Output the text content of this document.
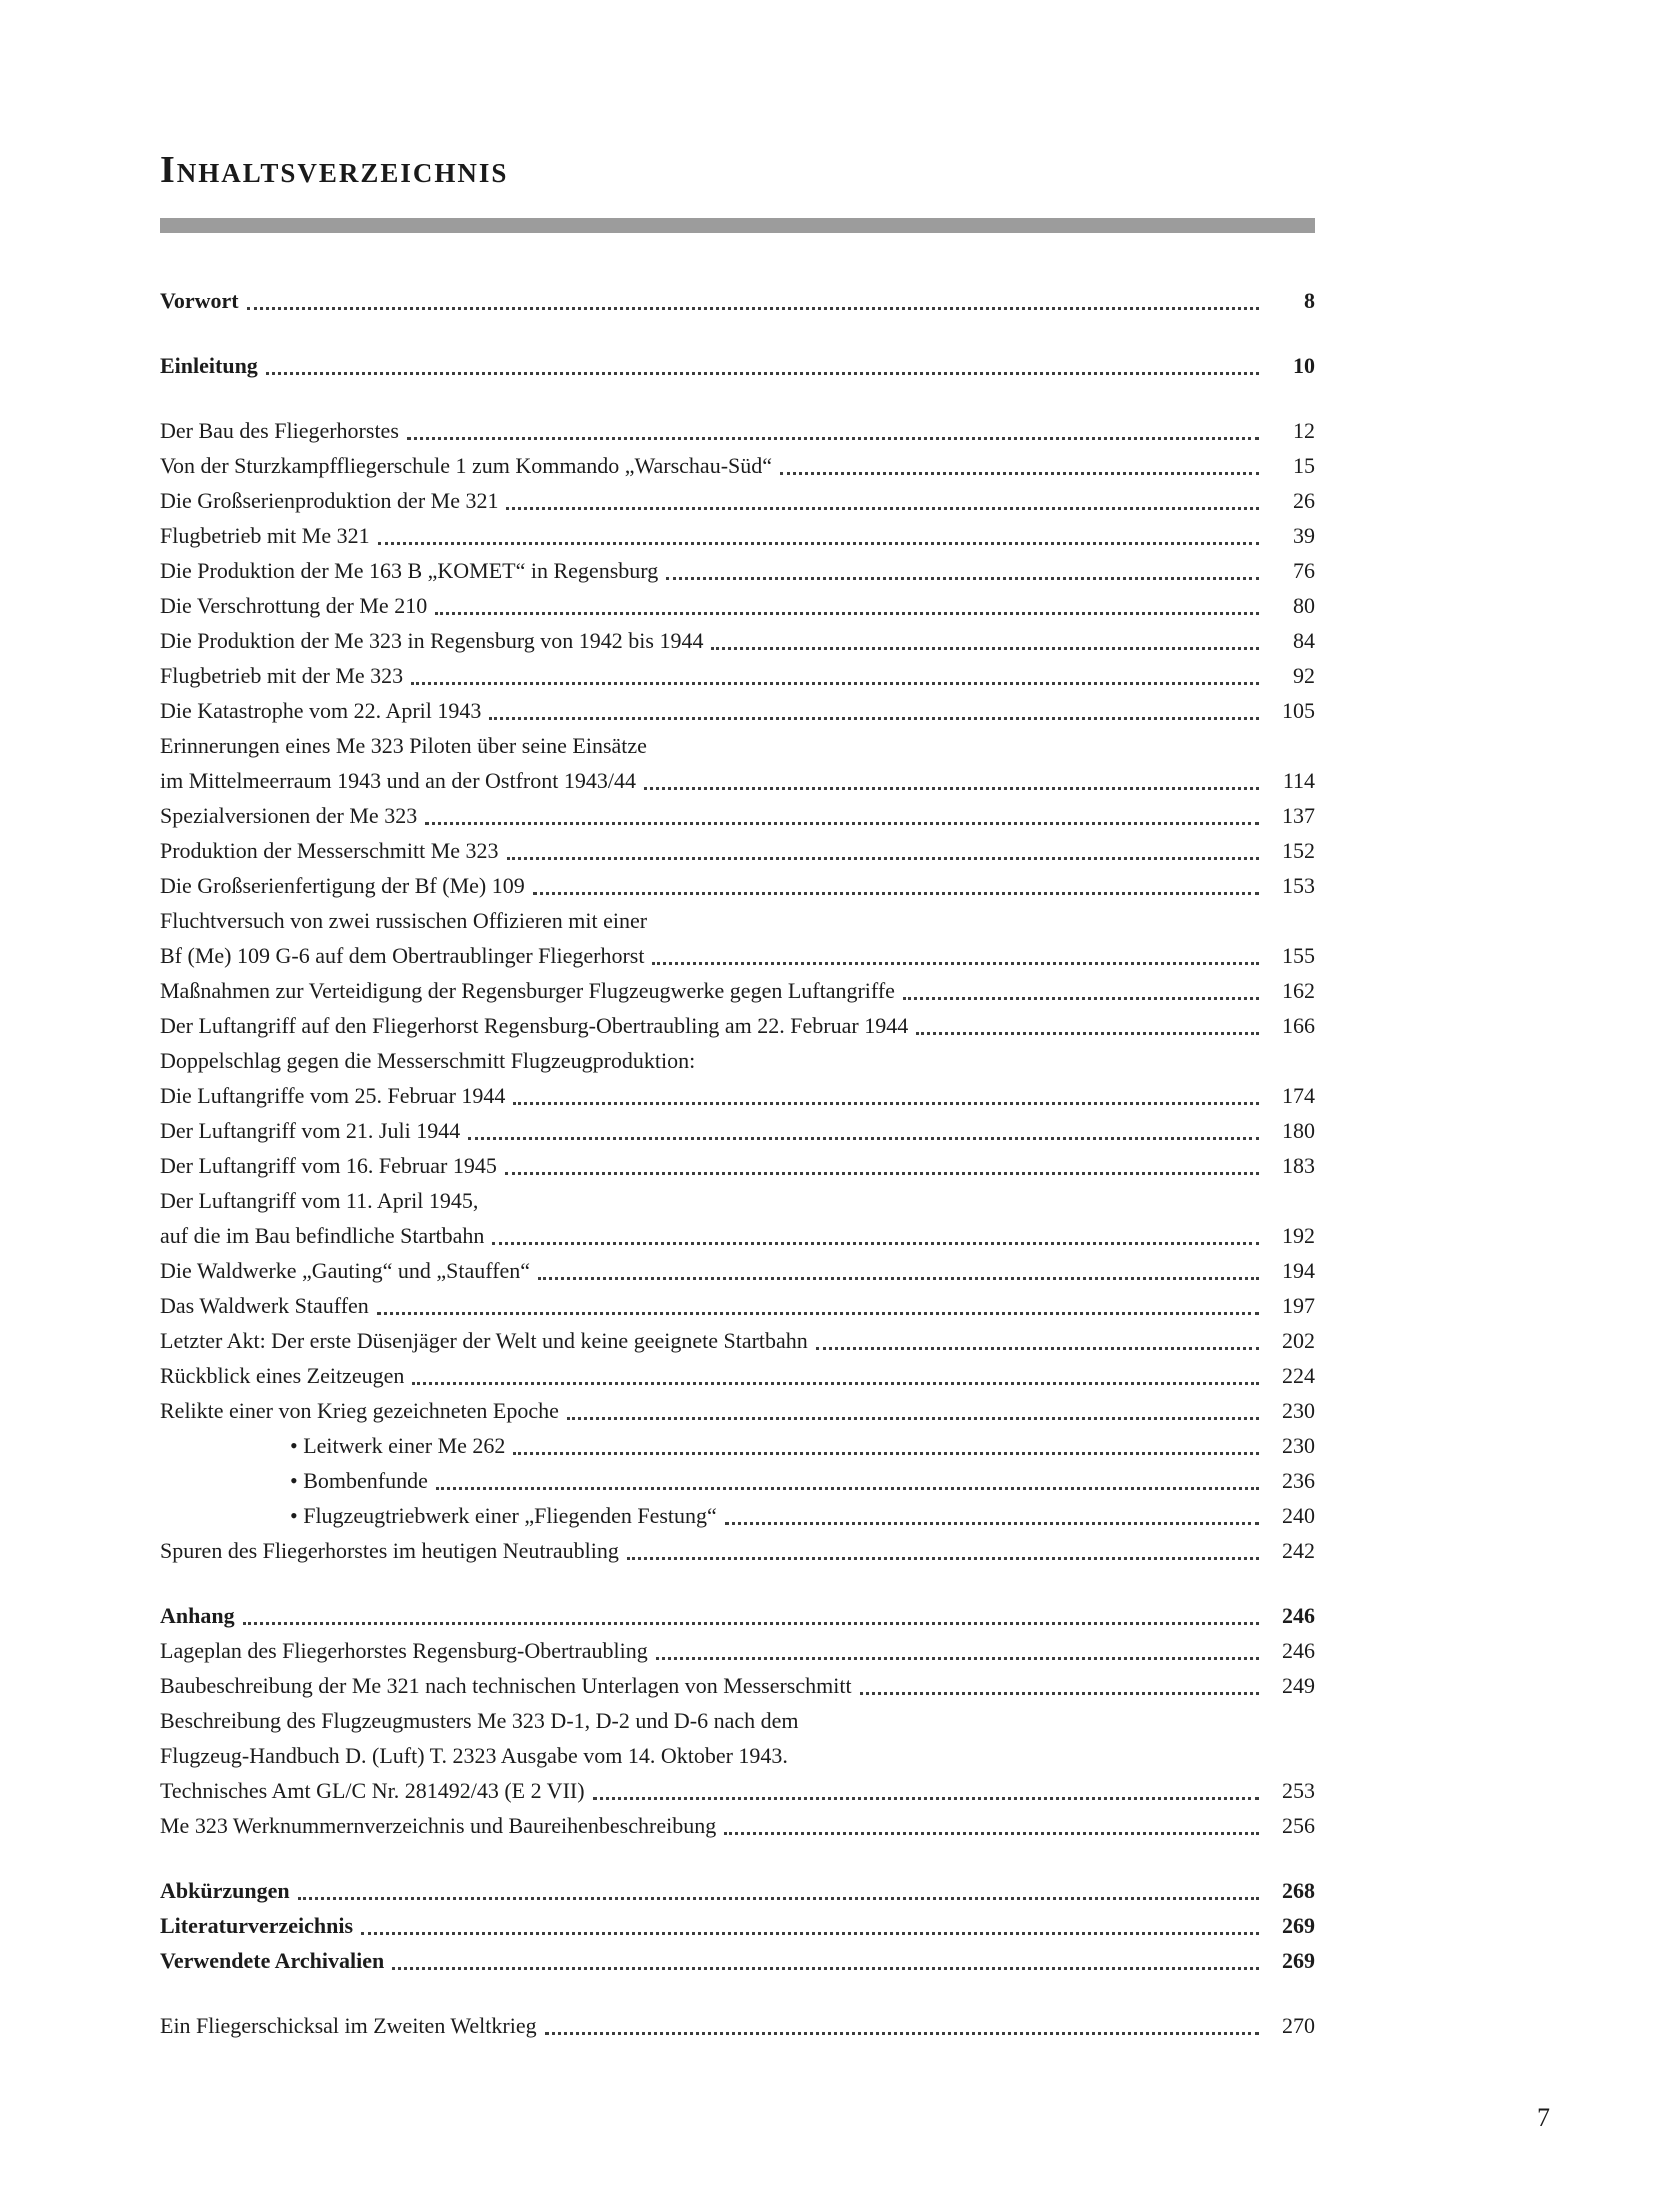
Inhaltsverzeichnis
Vorwort	8
Einleitung	10
Der Bau des Fliegerhorstes	12
Von der Sturzkampffliegerschule 1 zum Kommando „Warschau-Süd“	15
Die Großserienproduktion der Me 321	26
Flugbetrieb mit Me 321	39
Die Produktion der Me 163 B „KOMET“ in Regensburg	76
Die Verschrottung der Me 210	80
Die Produktion der Me 323 in Regensburg von 1942 bis 1944	84
Flugbetrieb mit der Me 323	92
Die Katastrophe vom 22. April 1943	105
Erinnerungen eines Me 323 Piloten über seine Einsätze
im Mittelmeerraum 1943 und an der Ostfront 1943/44	114
Spezialversionen der Me 323	137
Produktion der Messerschmitt Me 323	152
Die Großserienfertigung der Bf (Me) 109	153
Fluchtversuch von zwei russischen Offizieren mit einer
Bf (Me) 109 G-6 auf dem Obertraublinger Fliegerhorst	155
Maßnahmen zur Verteidigung der Regensburger Flugzeugwerke gegen Luftangriffe	162
Der Luftangriff auf den Fliegerhorst Regensburg-Obertraubling am 22. Februar 1944	166
Doppelschlag gegen die Messerschmitt Flugzeugproduktion:
Die Luftangriffe vom 25. Februar 1944	174
Der Luftangriff vom 21. Juli 1944	180
Der Luftangriff vom 16. Februar 1945	183
Der Luftangriff vom 11. April 1945,
auf die im Bau befindliche Startbahn	192
Die Waldwerke „Gauting“ und „Stauffen“	194
Das Waldwerk Stauffen	197
Letzter Akt: Der erste Düsenjäger der Welt und keine geeignete Startbahn	202
Rückblick eines Zeitzeugen	224
Relikte einer von Krieg gezeichneten Epoche	230
• Leitwerk einer Me 262	230
• Bombenfunde	236
• Flugzeugtriebwerk einer „Fliegenden Festung“	240
Spuren des Fliegerhorstes im heutigen Neutraubling	242
Anhang	246
Lageplan des Fliegerhorstes Regensburg-Obertraubling	246
Baubeschreibung der Me 321 nach technischen Unterlagen von Messerschmitt	249
Beschreibung des Flugzeugmusters Me 323 D-1, D-2 und D-6 nach dem
Flugzeug-Handbuch D. (Luft) T. 2323 Ausgabe vom 14. Oktober 1943.
Technisches Amt GL/C Nr. 281492/43 (E 2 VII)	253
Me 323 Werknummernverzeichnis und Baureihenbeschreibung	256
Abkürzungen	268
Literaturverzeichnis	269
Verwendete Archivalien	269
Ein Fliegerschicksal im Zweiten Weltkrieg	270
7
